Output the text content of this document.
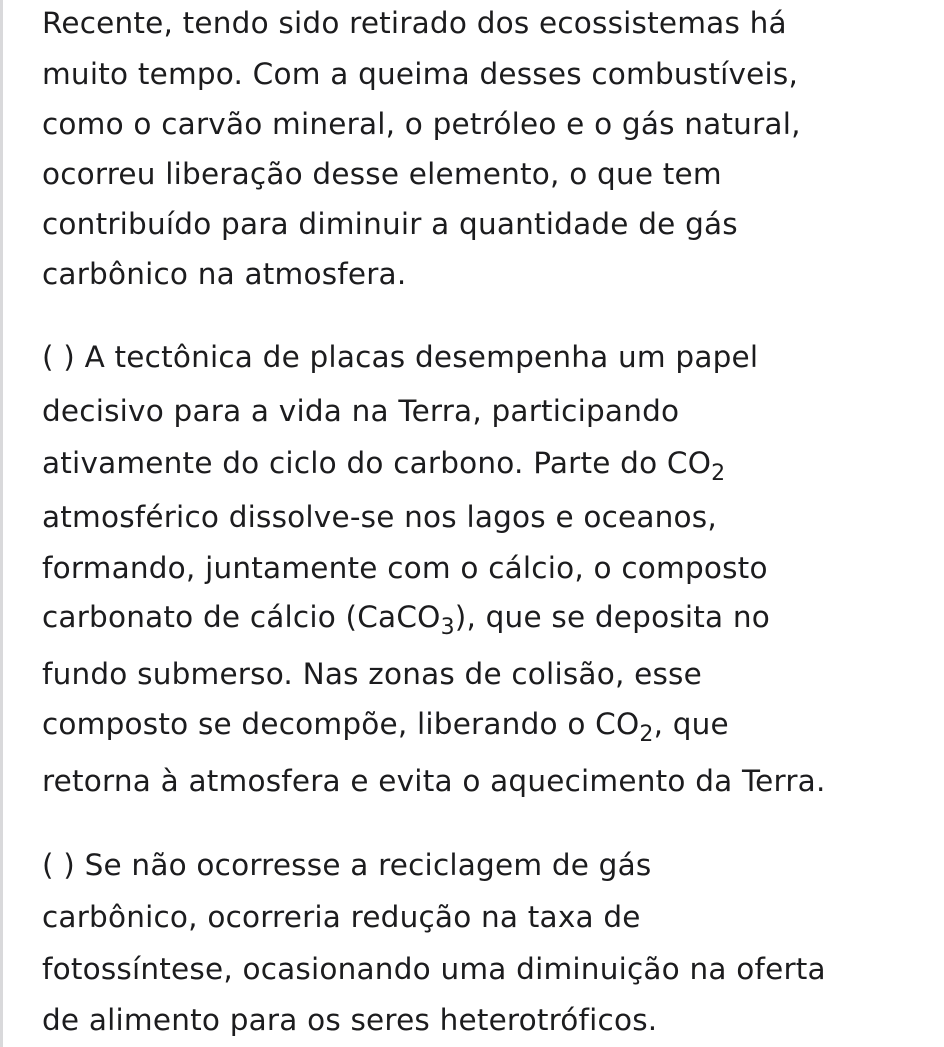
Recente, tendo sido retirado dos ecossistemas há
muito tempo. Com a queima desses combustíveis,
como o carvão mineral, o petróleo e o gás natural,
ocorreu liberação desse elemento, o que tem
contribuído para diminuir a quantidade de gás
carbônico na atmosfera.
( ) A tectônica de placas desempenha um papel
decisivo para a vida na Terra, participando
ativamente do ciclo do carbono. Parte do $CO_2$
atmosférico dissolve-se nos lagos e oceanos,
formando, juntamente com o cálcio, o composto
carbonato de cálcio (CaCO$_3$), que se deposita no
fundo submerso. Nas zonas de colisão, esse
composto se decompõe, liberando o $CO_2$, que
retorna à atmosfera e evita o aquecimento da Terra.
( ) Se não ocorresse a reciclagem de gás
carbônico, ocorreria redução na taxa de
fotossíntese, ocasionando uma diminuição na oferta
de alimento para os seres heterotróficos.
